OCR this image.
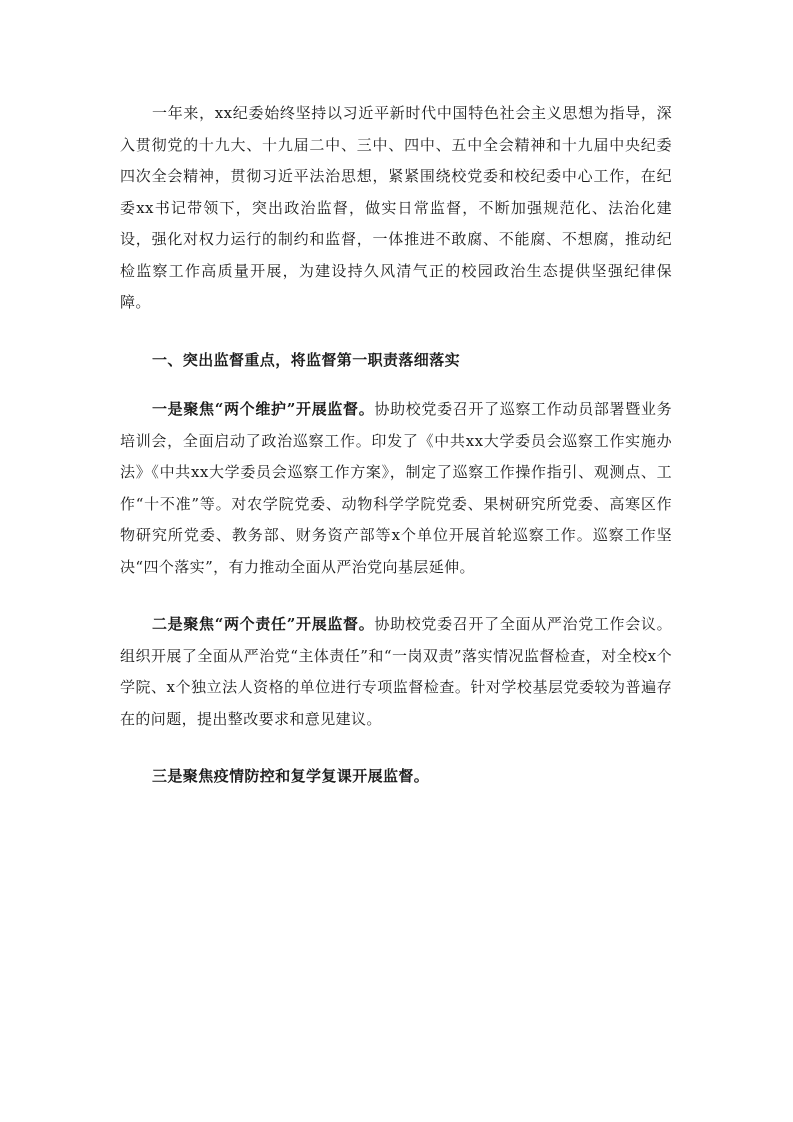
一年来，xx纪委始终坚持以习近平新时代中国特色社会主义思想为指导，深入贯彻党的十九大、十九届二中、三中、四中、五中全会精神和十九届中央纪委四次全会精神，贯彻习近平法治思想，紧紧围绕校党委和校纪委中心工作，在纪委xx书记带领下，突出政治监督，做实日常监督，不断加强规范化、法治化建设，强化对权力运行的制约和监督，一体推进不敢腐、不能腐、不想腐，推动纪检监察工作高质量开展，为建设持久风清气正的校园政治生态提供坚强纪律保障。

一、突出监督重点，将监督第一职责落细落实

一是聚焦“两个维护”开展监督。协助校党委召开了巡察工作动员部署暨业务培训会，全面启动了政治巡察工作。印发了《中共xx大学委员会巡察工作实施办法》《中共xx大学委员会巡察工作方案》，制定了巡察工作操作指引、观测点、工作“十不准”等。对农学院党委、动物科学学院党委、果树研究所党委、高寒区作物研究所党委、教务部、财务资产部等x个单位开展首轮巡察工作。巡察工作坚决“四个落实”，有力推动全面从严治党向基层延伸。

二是聚焦“两个责任”开展监督。协助校党委召开了全面从严治党工作会议。组织开展了全面从严治党“主体责任”和“一岗双责”落实情况监督检查，对全校x个学院、x个独立法人资格的单位进行专项监督检查。针对学校基层党委较为普遍存在的问题，提出整改要求和意见建议。

三是聚焦疫情防控和复学复课开展监督。
